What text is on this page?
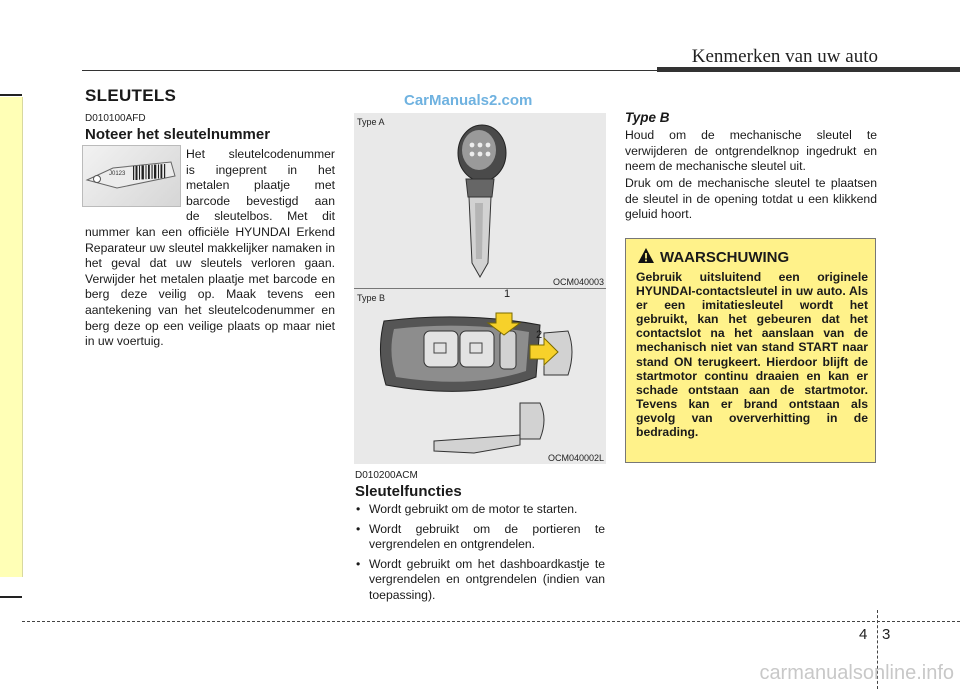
Kenmerken van uw auto
SLEUTELS	CarManuals2.com
D010100AFD
Noteer het sleutelnummer
J0123
Het sleutelcodenummer
is ingeprent in het
metalen plaatje met
barcode bevestigd aan
de sleutelbos. Met dit
nummer kan een officiële HYUNDAI Erkend Reparateur uw sleutel makkelijker namaken in het geval dat uw sleutels verloren gaan. Verwijder het metalen plaatje met barcode en berg deze veilig op. Maak tevens een aantekening van het sleutelcodenummer en berg deze op een veilige plaats op maar niet in uw voertuig.
Type A
OCM040003
Type B	1
2
OCM040002L
D010200ACM
Sleutelfuncties
• Wordt gebruikt om de motor te starten.
• Wordt gebruikt om de portieren te vergrendelen en ontgrendelen.
• Wordt gebruikt om het dashboardkastje te vergrendelen en ontgrendelen (indien van toepassing).
Type B
Houd om de mechanische sleutel te verwijderen de ontgrendelknop ingedrukt en neem de mechanische sleutel uit.
Druk om de mechanische sleutel te plaatsen de sleutel in de opening totdat u een klikkend geluid hoort.
WAARSCHUWING
Gebruik uitsluitend een originele HYUNDAI-contactsleutel in uw auto. Als er een imitatiesleutel wordt het gebruikt, kan het gebeuren dat het contactslot na het aanslaan van de mechanisch niet van stand START naar stand ON terugkeert. Hierdoor blijft de startmotor continu draaien en kan er schade ontstaan aan de startmotor. Tevens kan er brand ontstaan als gevolg van oververhitting in de bedrading.
4 3
carmanualsonline.info
